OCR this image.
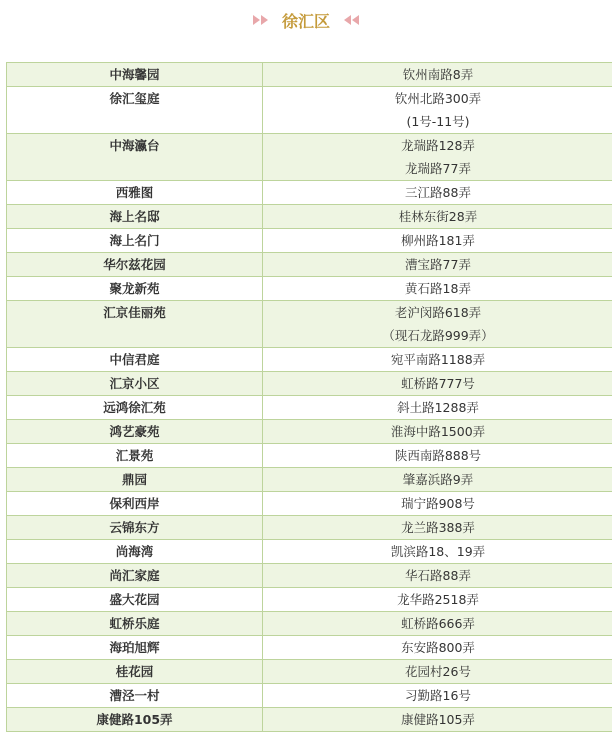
徐汇区
中海馨园	钦州南路8弄

徐汇玺庭	钦州北路300弄
(1号-11号)

中海瀛台	龙瑞路128弄
龙瑞路77弄

西雅图	三江路88弄

海上名邸	桂林东街28弄

海上名门	柳州路181弄

华尔兹花园	漕宝路77弄

聚龙新苑	黄石路18弄

汇京佳丽苑	老沪闵路618弄
（现石龙路999弄）

中信君庭	宛平南路1188弄

汇京小区	虹桥路777号

远鸿徐汇苑	斜土路1288弄

鸿艺豪苑	淮海中路1500弄

汇景苑	陕西南路888号

鼎园	肇嘉浜路9弄

保利西岸	瑞宁路908号

云锦东方	龙兰路388弄

尚海湾	凯滨路18、19弄

尚汇家庭	华石路88弄

盛大花园	龙华路2518弄

虹桥乐庭	虹桥路666弄

海珀旭辉	东安路800弄

桂花园	花园村26号

漕泾一村	习勤路16号

康健路105弄	康健路105弄
